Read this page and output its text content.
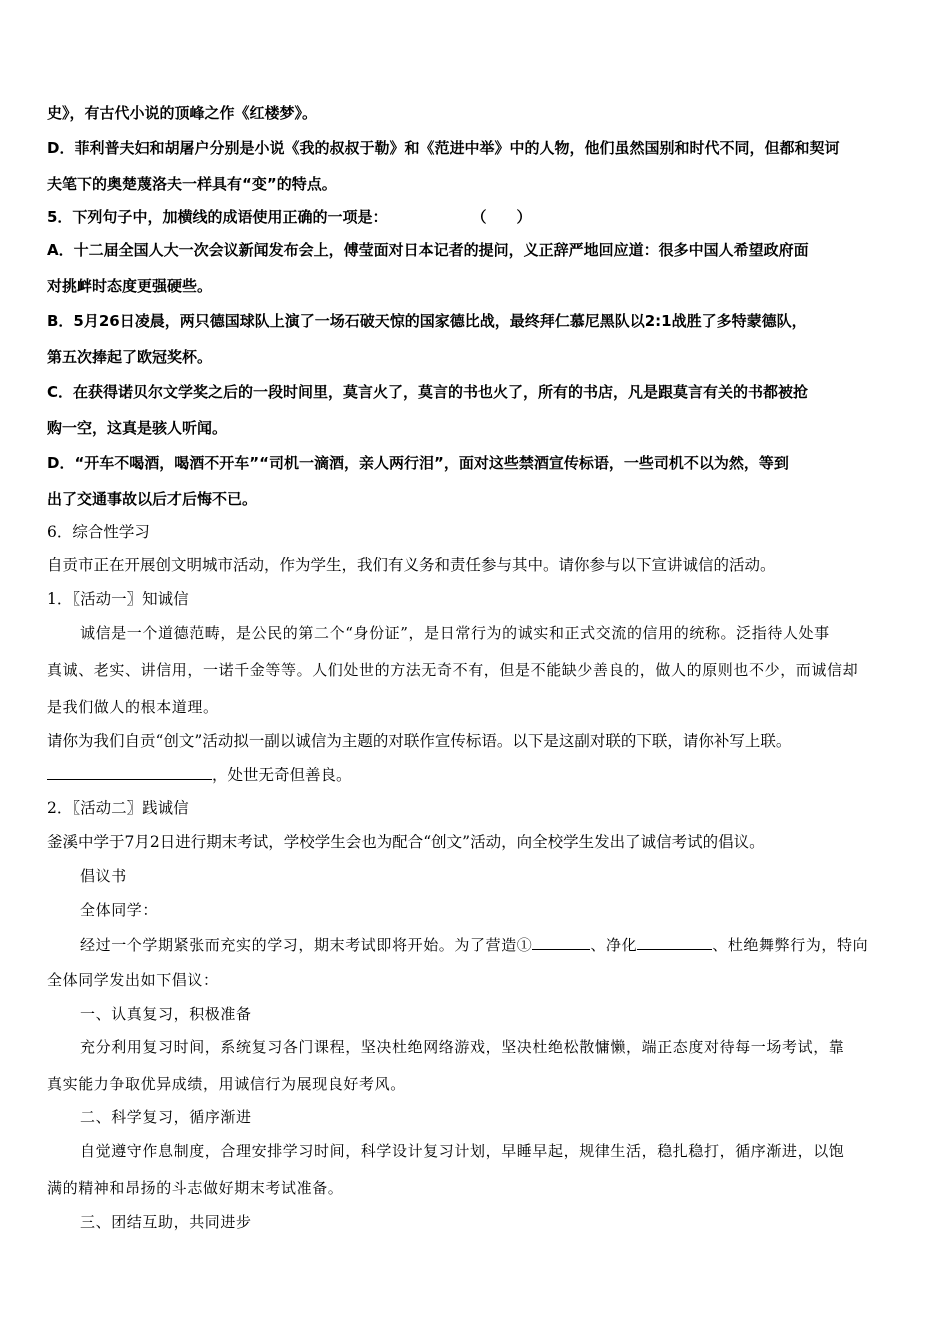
史》，有古代小说的顶峰之作《红楼梦》。
D．菲利普夫妇和胡屠户分别是小说《我的叔叔于勒》和《范进中举》中的人物，他们虽然国别和时代不同，但都和契诃
夫笔下的奥楚蔑洛夫一样具有“变”的特点。
5．下列句子中，加横线的成语使用正确的一项是：	（　　）
A．十二届全国人大一次会议新闻发布会上，傅莹面对日本记者的提问，义正辞严地回应道：很多中国人希望政府面
对挑衅时态度更强硬些。
B．5月26日凌晨，两只德国球队上演了一场石破天惊的国家德比战，最终拜仁慕尼黑队以2:1战胜了多特蒙德队，
第五次捧起了欧冠奖杯。
C．在获得诺贝尔文学奖之后的一段时间里，莫言火了，莫言的书也火了，所有的书店，凡是跟莫言有关的书都被抢
购一空，这真是骇人听闻。
D．“开车不喝酒，喝酒不开车”“司机一滴酒，亲人两行泪”，面对这些禁酒宣传标语，一些司机不以为然，等到
出了交通事故以后才后悔不已。
6．综合性学习
自贡市正在开展创文明城市活动，作为学生，我们有义务和责任参与其中。请你参与以下宣讲诚信的活动。
1．〖活动一〗知诚信
诚信是一个道德范畴，是公民的第二个“身份证”，是日常行为的诚实和正式交流的信用的统称。泛指待人处事
真诚、老实、讲信用，一诺千金等等。人们处世的方法无奇不有，但是不能缺少善良的，做人的原则也不少，而诚信却
是我们做人的根本道理。
请你为我们自贡“创文”活动拟一副以诚信为主题的对联作宣传标语。以下是这副对联的下联，请你补写上联。
，处世无奇但善良。
2．〖活动二〗践诚信
釜溪中学于7月2日进行期末考试，学校学生会也为配合“创文”活动，向全校学生发出了诚信考试的倡议。
倡议书
全体同学：
经过一个学期紧张而充实的学习，期末考试即将开始。为了营造①	、净化	、杜绝舞弊行为，特向
全体同学发出如下倡议：
一、认真复习，积极准备
充分利用复习时间，系统复习各门课程，坚决杜绝网络游戏，坚决杜绝松散慵懒，端正态度对待每一场考试，靠
真实能力争取优异成绩，用诚信行为展现良好考风。
二、科学复习，循序渐进
自觉遵守作息制度，合理安排学习时间，科学设计复习计划，早睡早起，规律生活，稳扎稳打，循序渐进，以饱
满的精神和昂扬的斗志做好期末考试准备。
三、团结互助，共同进步
